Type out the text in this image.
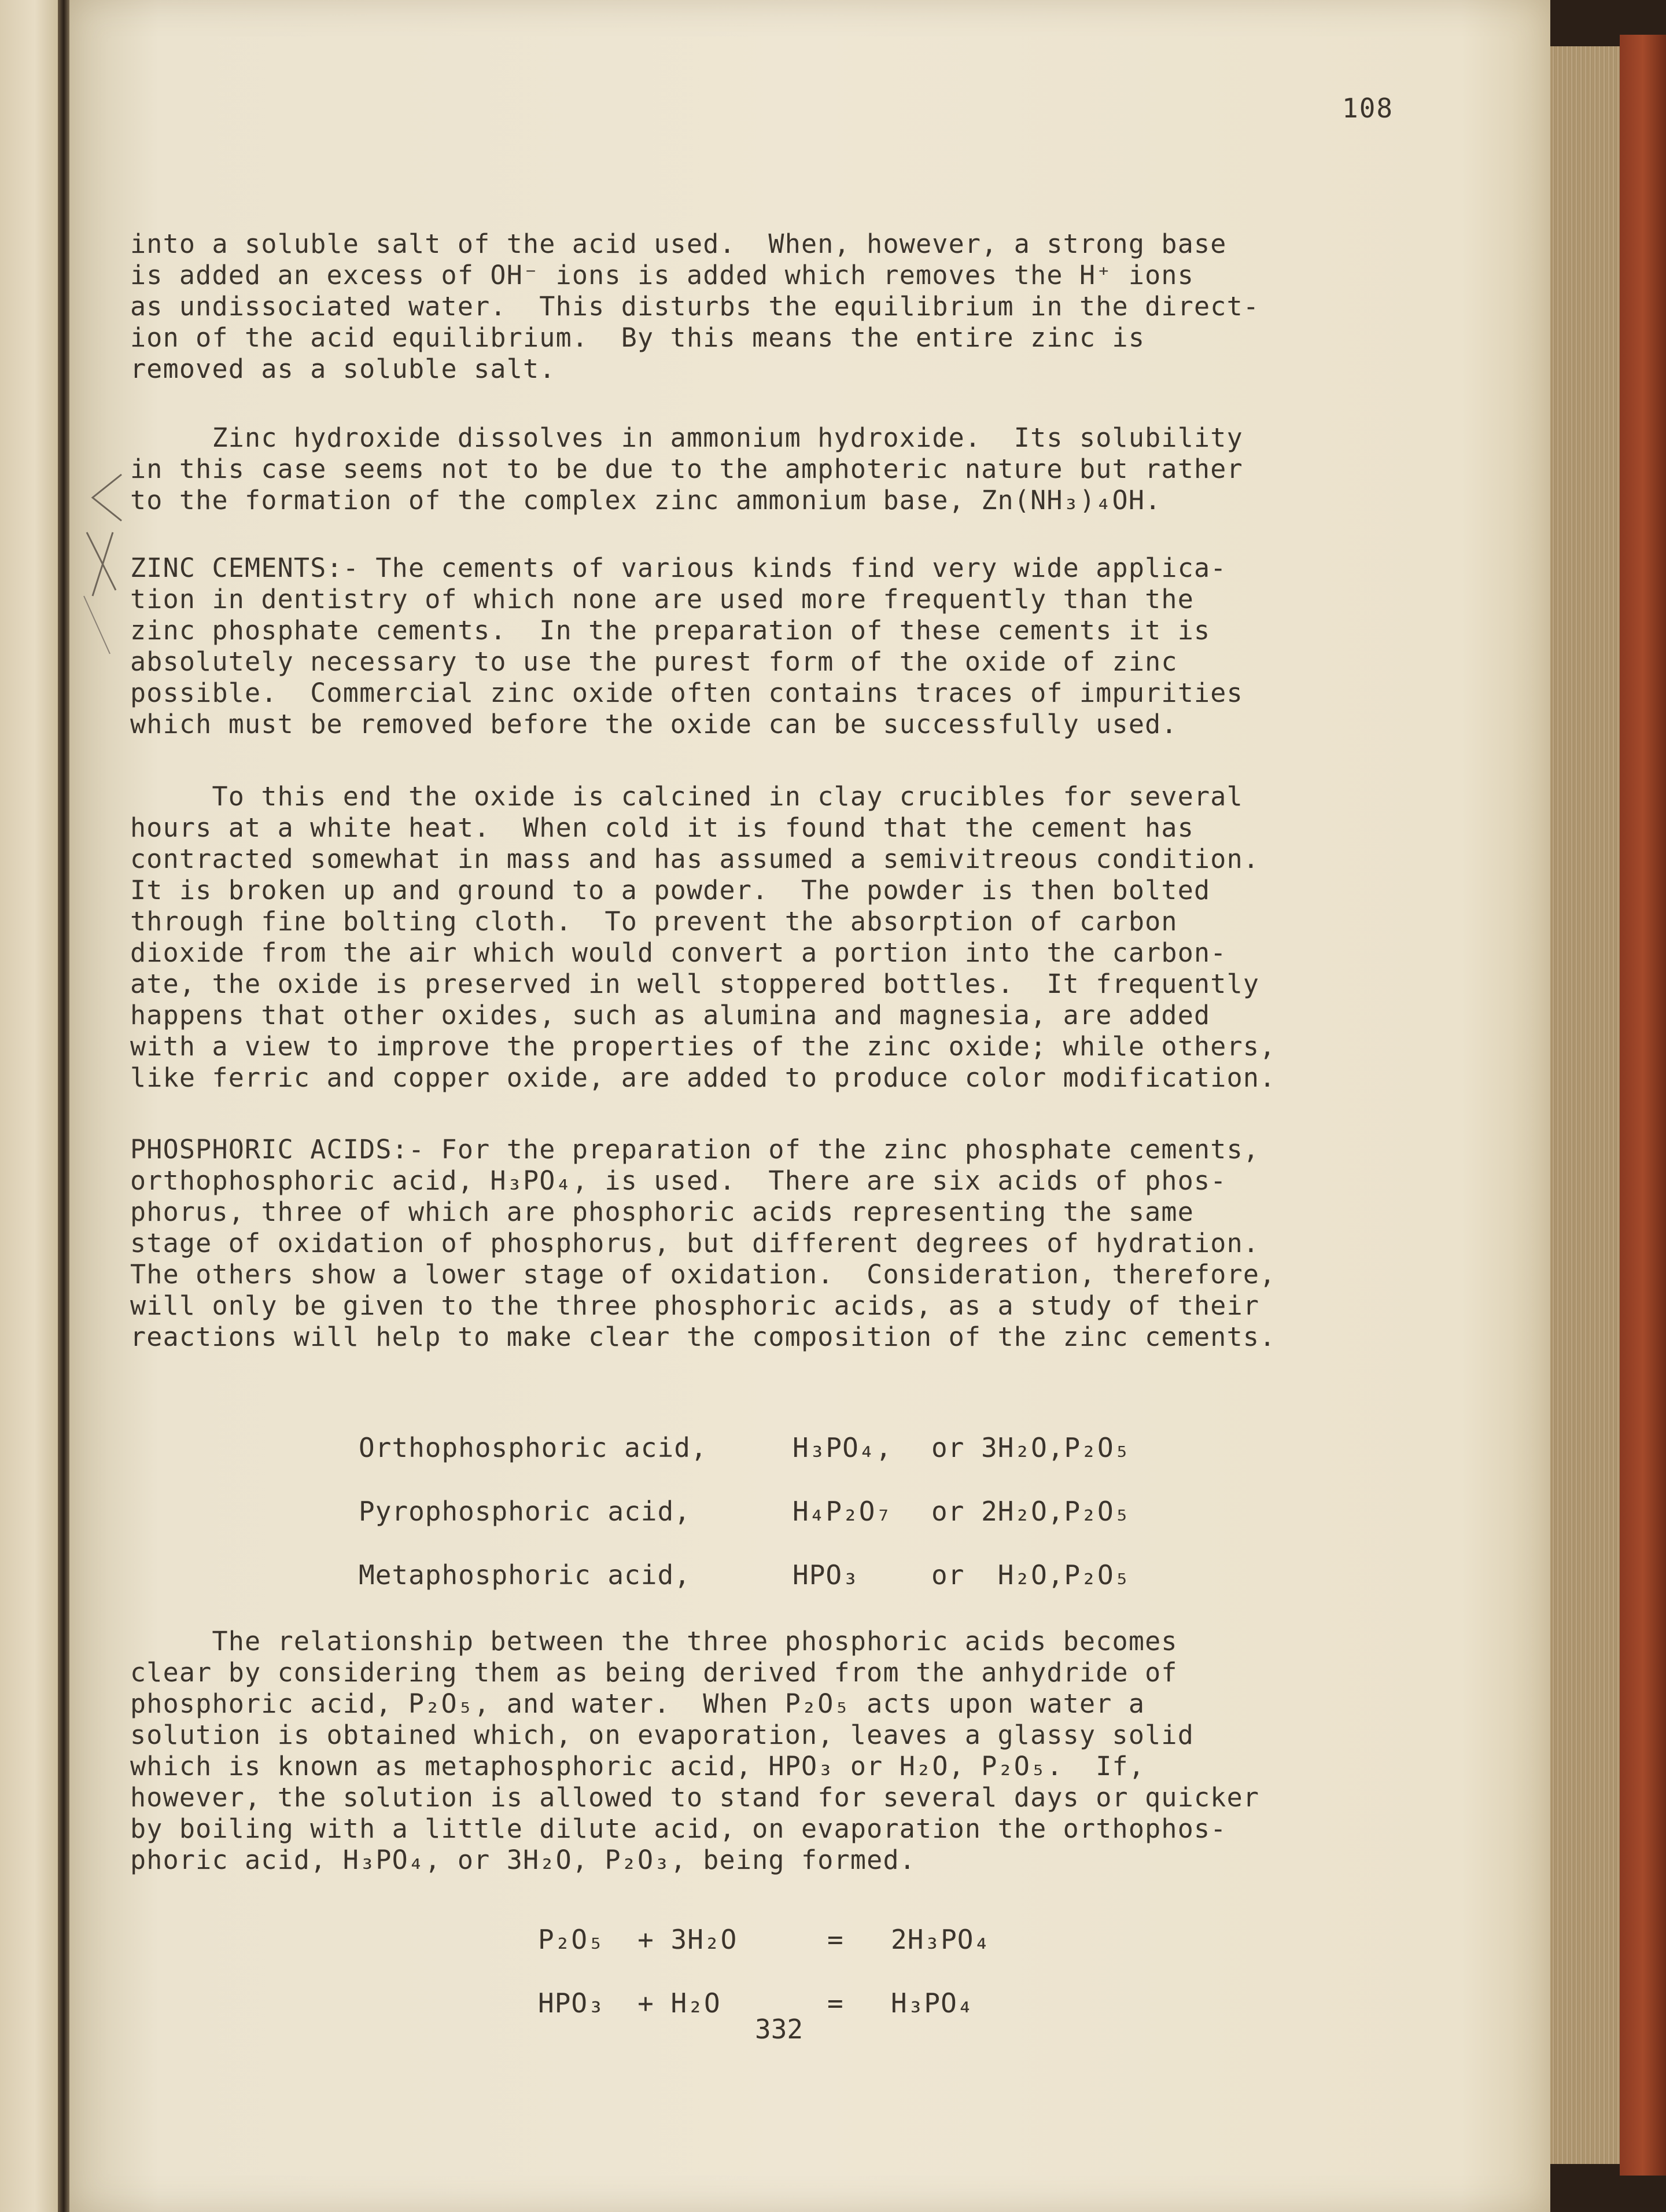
108
into a soluble salt of the acid used.  When, however, a strong base
is added an excess of OH⁻ ions is added which removes the H⁺ ions
as undissociated water.  This disturbs the equilibrium in the direct-
ion of the acid equilibrium.  By this means the entire zinc is
removed as a soluble salt.
Zinc hydroxide dissolves in ammonium hydroxide.  Its solubility
in this case seems not to be due to the amphoteric nature but rather
to the formation of the complex zinc ammonium base, Zn(NH₃)₄OH.
ZINC CEMENTS:- The cements of various kinds find very wide applica-
tion in dentistry of which none are used more frequently than the
zinc phosphate cements.  In the preparation of these cements it is
absolutely necessary to use the purest form of the oxide of zinc
possible.  Commercial zinc oxide often contains traces of impurities
which must be removed before the oxide can be successfully used.
To this end the oxide is calcined in clay crucibles for several
hours at a white heat.  When cold it is found that the cement has
contracted somewhat in mass and has assumed a semivitreous condition.
It is broken up and ground to a powder.  The powder is then bolted
through fine bolting cloth.  To prevent the absorption of carbon
dioxide from the air which would convert a portion into the carbon-
ate, the oxide is preserved in well stoppered bottles.  It frequently
happens that other oxides, such as alumina and magnesia, are added
with a view to improve the properties of the zinc oxide; while others,
like ferric and copper oxide, are added to produce color modification.
PHOSPHORIC ACIDS:- For the preparation of the zinc phosphate cements,
orthophosphoric acid, H₃PO₄, is used.  There are six acids of phos-
phorus, three of which are phosphoric acids representing the same
stage of oxidation of phosphorus, but different degrees of hydration.
The others show a lower stage of oxidation.  Consideration, therefore,
will only be given to the three phosphoric acids, as a study of their
reactions will help to make clear the composition of the zinc cements.
Orthophosphoric acid,	H₃PO₄, or 3H₂O,P₂O₅
Pyrophosphoric acid,	H₄P₂O₇ or 2H₂O,P₂O₅
Metaphosphoric acid,	HPO₃	or  H₂O,P₂O₅
The relationship between the three phosphoric acids becomes
clear by considering them as being derived from the anhydride of
phosphoric acid, P₂O₅, and water.  When P₂O₅ acts upon water a
solution is obtained which, on evaporation, leaves a glassy solid
which is known as metaphosphoric acid, HPO₃ or H₂O, P₂O₅.  If,
however, the solution is allowed to stand for several days or quicker
by boiling with a little dilute acid, on evaporation the orthophos-
phoric acid, H₃PO₄, or 3H₂O, P₂O₃, being formed.
P₂O₅  + 3H₂O	= 2H₃PO₄
HPO₃  + H₂O	= H₃PO₄
332
